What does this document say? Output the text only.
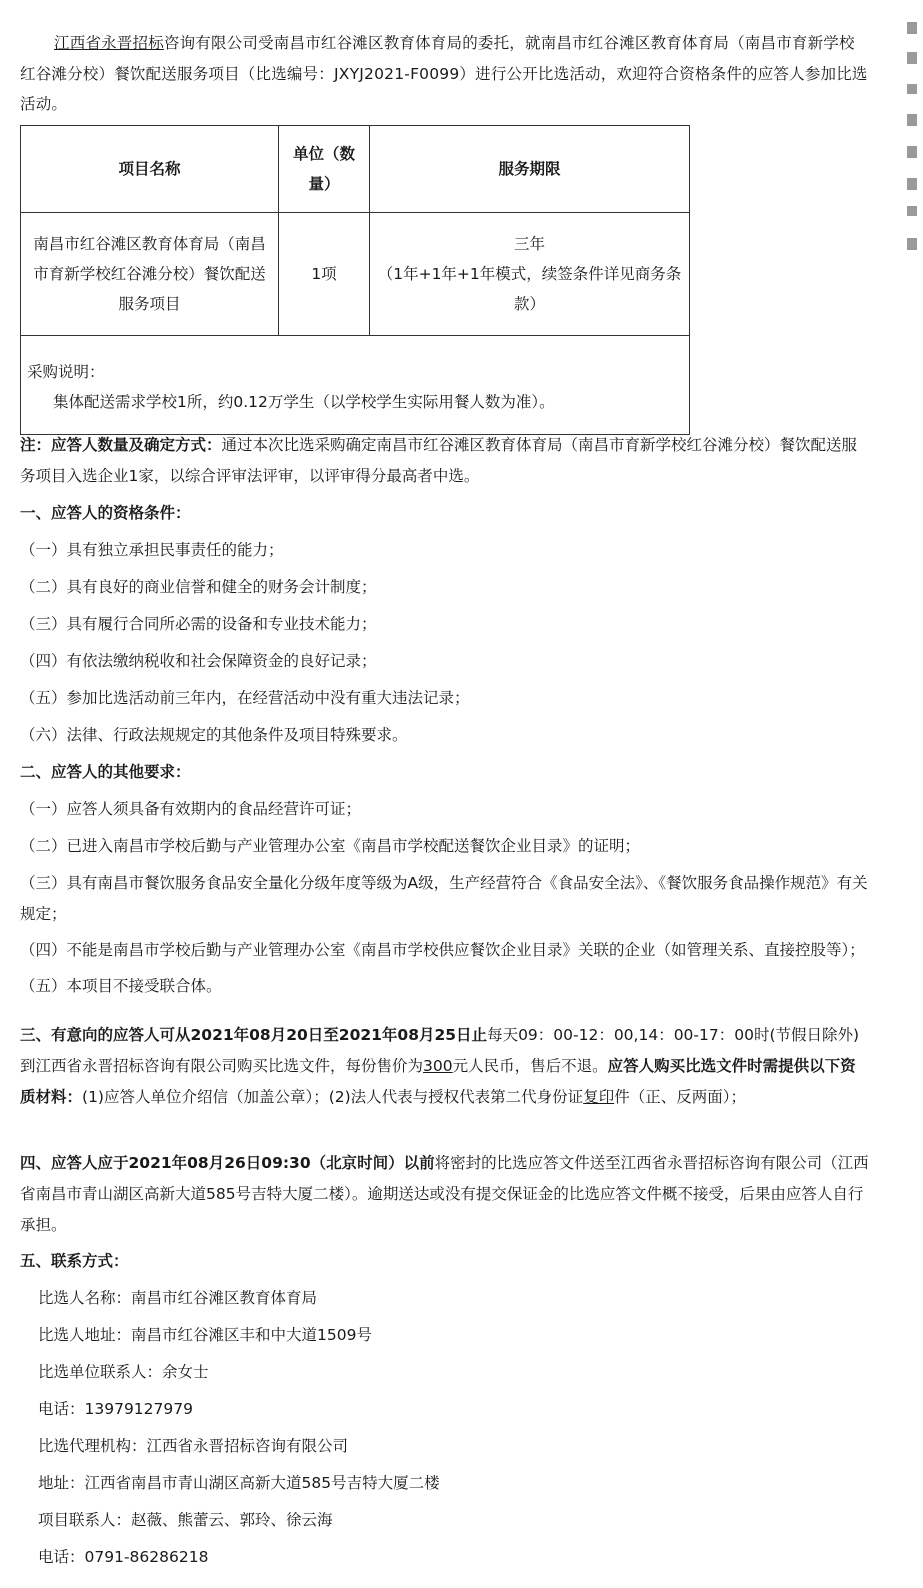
江西省永晋招标咨询有限公司受南昌市红谷滩区教育体育局的委托，就南昌市红谷滩区教育体育局（南昌市育新学校红谷滩分校）餐饮配送服务项目（比选编号：JXYJ2021-F0099）进行公开比选活动，欢迎符合资格条件的应答人参加比选活动。
项目名称	单位（数量）	服务期限
南昌市红谷滩区教育体育局（南昌市育新学校红谷滩分校）餐饮配送服务项目	1项	三年
（1年+1年+1年模式，续签条件详见商务条款）

采购说明：
集体配送需求学校1所，约0.12万学生（以学校学生实际用餐人数为准）。		
注：应答人数量及确定方式：通过本次比选采购确定南昌市红谷滩区教育体育局（南昌市育新学校红谷滩分校）餐饮配送服务项目入选企业1家，以综合评审法评审，以评审得分最高者中选。
一、应答人的资格条件：
（一）具有独立承担民事责任的能力；
（二）具有良好的商业信誉和健全的财务会计制度；
（三）具有履行合同所必需的设备和专业技术能力；
（四）有依法缴纳税收和社会保障资金的良好记录；
（五）参加比选活动前三年内，在经营活动中没有重大违法记录；
（六）法律、行政法规规定的其他条件及项目特殊要求。
二、应答人的其他要求：
（一）应答人须具备有效期内的食品经营许可证；
（二）已进入南昌市学校后勤与产业管理办公室《南昌市学校配送餐饮企业目录》的证明；
（三）具有南昌市餐饮服务食品安全量化分级年度等级为A级，生产经营符合《食品安全法》、《餐饮服务食品操作规范》有关规定；
（四）不能是南昌市学校后勤与产业管理办公室《南昌市学校供应餐饮企业目录》关联的企业（如管理关系、直接控股等）；
（五）本项目不接受联合体。
三、有意向的应答人可从2021年08月20日至2021年08月25日止每天09：00-12：00,14：00-17：00时(节假日除外)到江西省永晋招标咨询有限公司购买比选文件，每份售价为300元人民币，售后不退。应答人购买比选文件时需提供以下资质材料：(1)应答人单位介绍信（加盖公章）；(2)法人代表与授权代表第二代身份证复印件（正、反两面）；
四、应答人应于2021年08月26日09:30（北京时间）以前将密封的比选应答文件送至江西省永晋招标咨询有限公司（江西省南昌市青山湖区高新大道585号吉特大厦二楼）。逾期送达或没有提交保证金的比选应答文件概不接受，后果由应答人自行承担。
五、联系方式：
比选人名称：南昌市红谷滩区教育体育局
比选人地址：南昌市红谷滩区丰和中大道1509号
比选单位联系人：余女士
电话：13979127979
比选代理机构：江西省永晋招标咨询有限公司
地址：江西省南昌市青山湖区高新大道585号吉特大厦二楼
项目联系人：赵薇、熊蕾云、郭玲、徐云海
电话：0791-86286218
